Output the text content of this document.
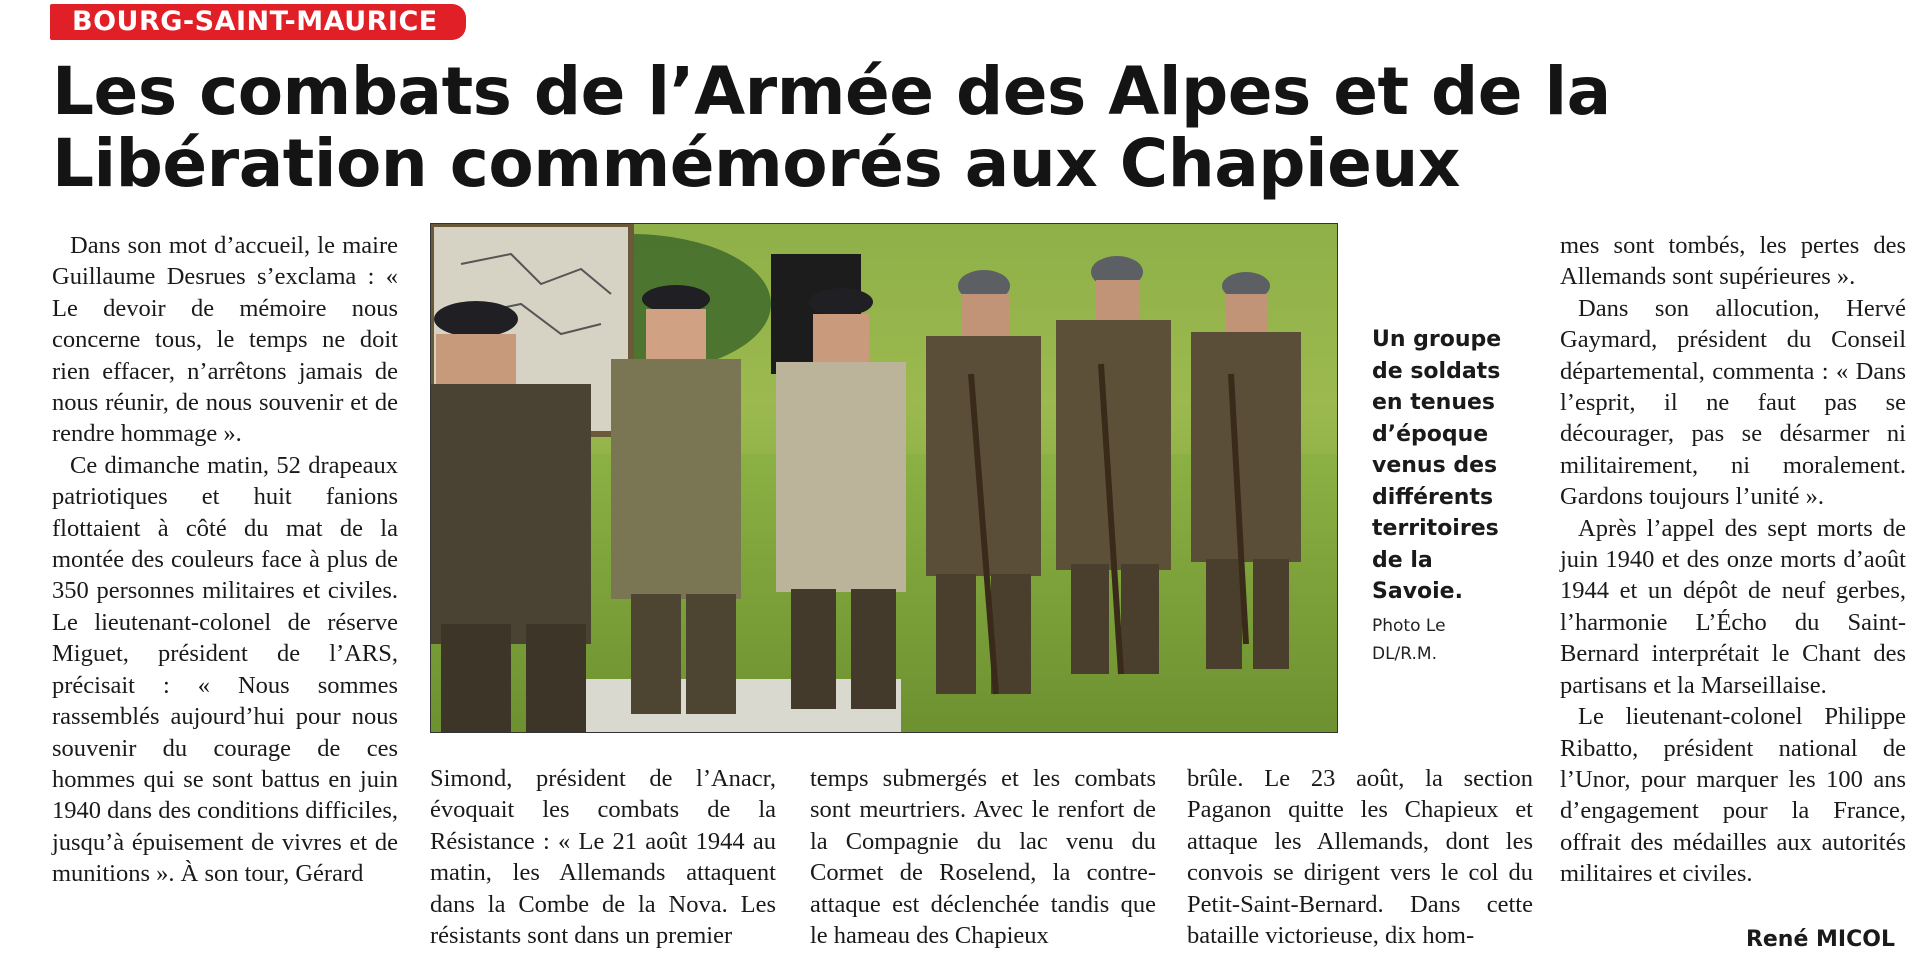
BOURG-SAINT-MAURICE
Les combats de l’Armée des Alpes et de la Libération commémorés aux Chapieux

Dans son mot d’accueil, le maire Guillaume Desrues s’exclama : « Le devoir de mémoire nous concerne tous, le temps ne doit rien effacer, n’arrêtons jamais de nous réunir, de nous souvenir et de rendre hommage ».

Ce dimanche matin, 52 drapeaux patriotiques et huit fanions flottaient à côté du mat de la montée des couleurs face à plus de 350 personnes militaires et civiles. Le lieutenant-colonel de réserve Miguet, président de l’ARS, précisait : « Nous sommes rassemblés aujourd’hui pour nous souvenir du courage de ces hommes qui se sont battus en juin 1940 dans des conditions difficiles, jusqu’à épuisement de vivres et de munitions ». À son tour, Gérard

Un groupe de soldats en tenues d’époque venus des différents territoires de la Savoie.
Photo Le DL/R.M.

Simond, président de l’Anacr, évoquait les combats de la Résistance : « Le 21 août 1944 au matin, les Allemands attaquent dans la Combe de la Nova. Les résistants sont dans un premier

temps submergés et les combats sont meurtriers. Avec le renfort de la Compagnie du lac venu du Cormet de Roselend, la contre-attaque est déclenchée tandis que le hameau des Chapieux

brûle. Le 23 août, la section Paganon quitte les Chapieux et attaque les Allemands, dont les convois se dirigent vers le col du Petit-Saint-Bernard. Dans cette bataille victorieuse, dix hom-

mes sont tombés, les pertes des Allemands sont supérieures ».

Dans son allocution, Hervé Gaymard, président du Conseil départemental, commenta : « Dans l’esprit, il ne faut pas se décourager, pas se désarmer ni militairement, ni moralement. Gardons toujours l’unité ».

Après l’appel des sept morts de juin 1940 et des onze morts d’août 1944 et un dépôt de neuf gerbes, l’harmonie L’Écho du Saint-Bernard interprétait le Chant des partisans et la Marseillaise.

Le lieutenant-colonel Philippe Ribatto, président national de l’Unor, pour marquer les 100 ans d’engagement pour la France, offrait des médailles aux autorités militaires et civiles.

René MICOL
